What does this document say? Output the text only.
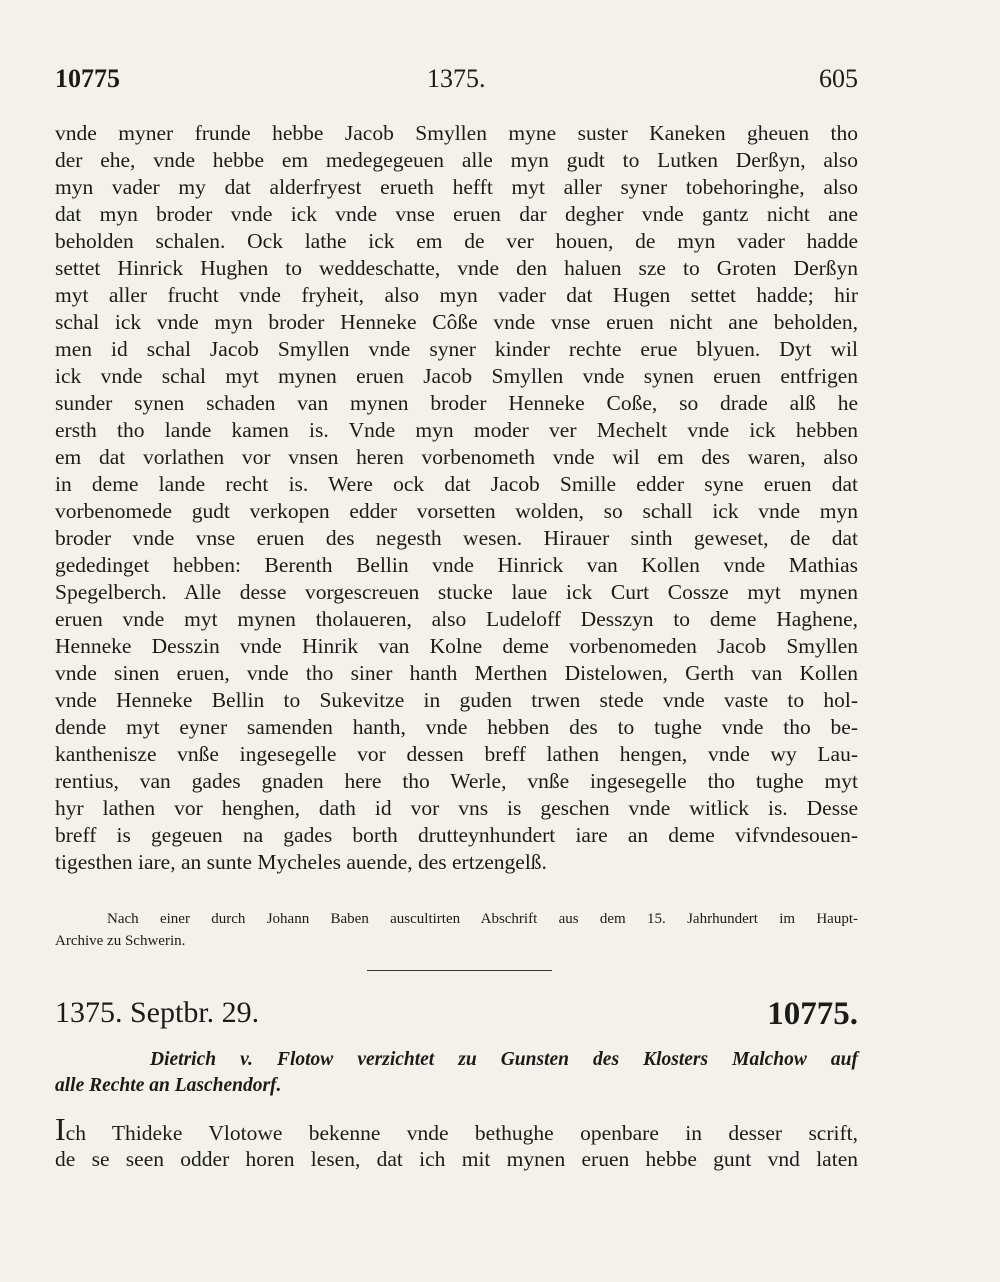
10775	1375.	605
vnde myner frunde hebbe Jacob Smyllen myne suster Kaneken gheuen tho
der ehe, vnde hebbe em medegegeuen alle myn gudt to Lutken Derßyn, also
myn vader my dat alderfryest erueth hefft myt aller syner tobehoringhe, also
dat myn broder vnde ick vnde vnse eruen dar degher vnde gantz nicht ane
beholden schalen. Ock lathe ick em de ver houen, de myn vader hadde
settet Hinrick Hughen to weddeschatte, vnde den haluen sze to Groten Derßyn
myt aller frucht vnde fryheit, also myn vader dat Hugen settet hadde; hir
schal ick vnde myn broder Henneke Côße vnde vnse eruen nicht ane beholden,
men id schal Jacob Smyllen vnde syner kinder rechte erue blyuen. Dyt wil
ick vnde schal myt mynen eruen Jacob Smyllen vnde synen eruen entfrigen
sunder synen schaden van mynen broder Henneke Coße, so drade alß he
ersth tho lande kamen is. Vnde myn moder ver Mechelt vnde ick hebben
em dat vorlathen vor vnsen heren vorbenometh vnde wil em des waren, also
in deme lande recht is. Were ock dat Jacob Smille edder syne eruen dat
vorbenomede gudt verkopen edder vorsetten wolden, so schall ick vnde myn
broder vnde vnse eruen des negesth wesen. Hirauer sinth geweset, de dat
gededinget hebben: Berenth Bellin vnde Hinrick van Kollen vnde Mathias
Spegelberch. Alle desse vorgescreuen stucke laue ick Curt Cossze myt mynen
eruen vnde myt mynen tholaueren, also Ludeloff Desszyn to deme Haghene,
Henneke Desszin vnde Hinrik van Kolne deme vorbenomeden Jacob Smyllen
vnde sinen eruen, vnde tho siner hanth Merthen Distelowen, Gerth van Kollen
vnde Henneke Bellin to Sukevitze in guden trwen stede vnde vaste to hol-
dende myt eyner samenden hanth, vnde hebben des to tughe vnde tho be-
kanthenisze vnße ingesegelle vor dessen breff lathen hengen, vnde wy Lau-
rentius, van gades gnaden here tho Werle, vnße ingesegelle tho tughe myt
hyr lathen vor henghen, dath id vor vns is geschen vnde witlick is. Desse
breff is gegeuen na gades borth drutteynhundert iare an deme vifvndesouen-
tigesthen iare, an sunte Mycheles auende, des ertzengelß.
Nach einer durch Johann Baben auscultirten Abschrift aus dem 15. Jahrhundert im Haupt-
Archive zu Schwerin.
1375. Septbr. 29.	10775.
Dietrich v. Flotow verzichtet zu Gunsten des Klosters Malchow auf
alle Rechte an Laschendorf.
Ich Thideke Vlotowe bekenne vnde bethughe openbare in desser scrift,
de se seen odder horen lesen, dat ich mit mynen eruen hebbe gunt vnd laten
